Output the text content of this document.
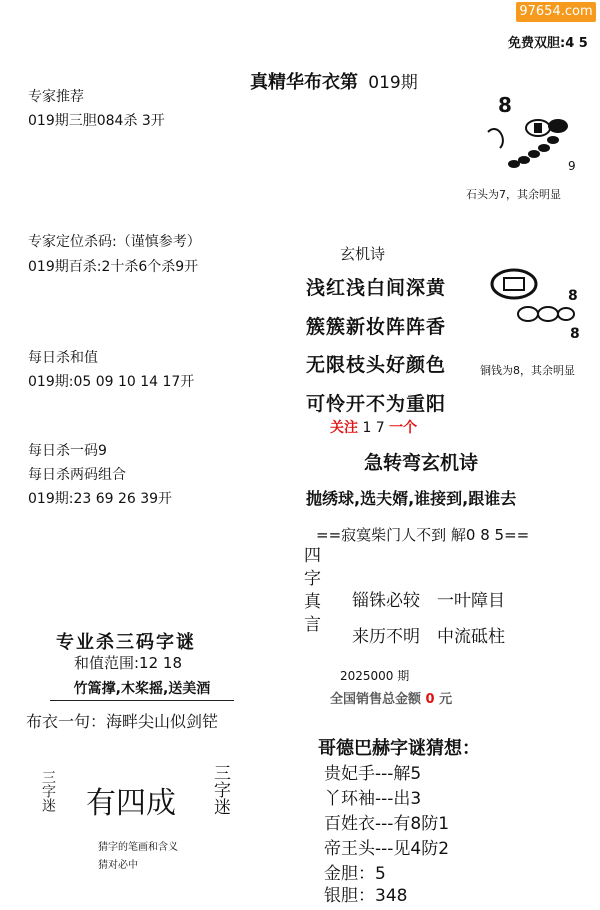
97654.com
免费双胆:4 5
真精华布衣第 019期
专家推荐
019期三胆084杀 3开
专家定位杀码:（谨慎参考）
019期百杀:2十杀6个杀9开
每日杀和值
019期:05 09 10 14 17开
每日杀一码9
每日杀两码组合
019期:23 69 26 39开
专业杀三码字谜
和值范围:12 18
竹篙撑,木桨摇,送美酒
布衣一句：海畔尖山似剑铓
三字迷 有四成 三字迷
猜字的笔画和含义
猜对必中
8
9
石头为7，其余明显
8
8
铜钱为8，其余明显
玄机诗
浅红浅白间深黄
簇簇新妆阵阵香
无限枝头好颜色
可怜开不为重阳
关注 1 7 一个
急转弯玄机诗
抛绣球,选夫婿,谁接到,跟谁去
==寂寞柴门人不到 解0 8 5==
四字真言 锱铢必较　一叶障目
来历不明　中流砥柱
2025000 期
全国销售总金额 0 元
哥德巴赫字谜猜想：
贵妃手---解5
丫环袖---出3
百姓衣---有8防1
帝王头---见4防2
金胆：5
银胆：348
